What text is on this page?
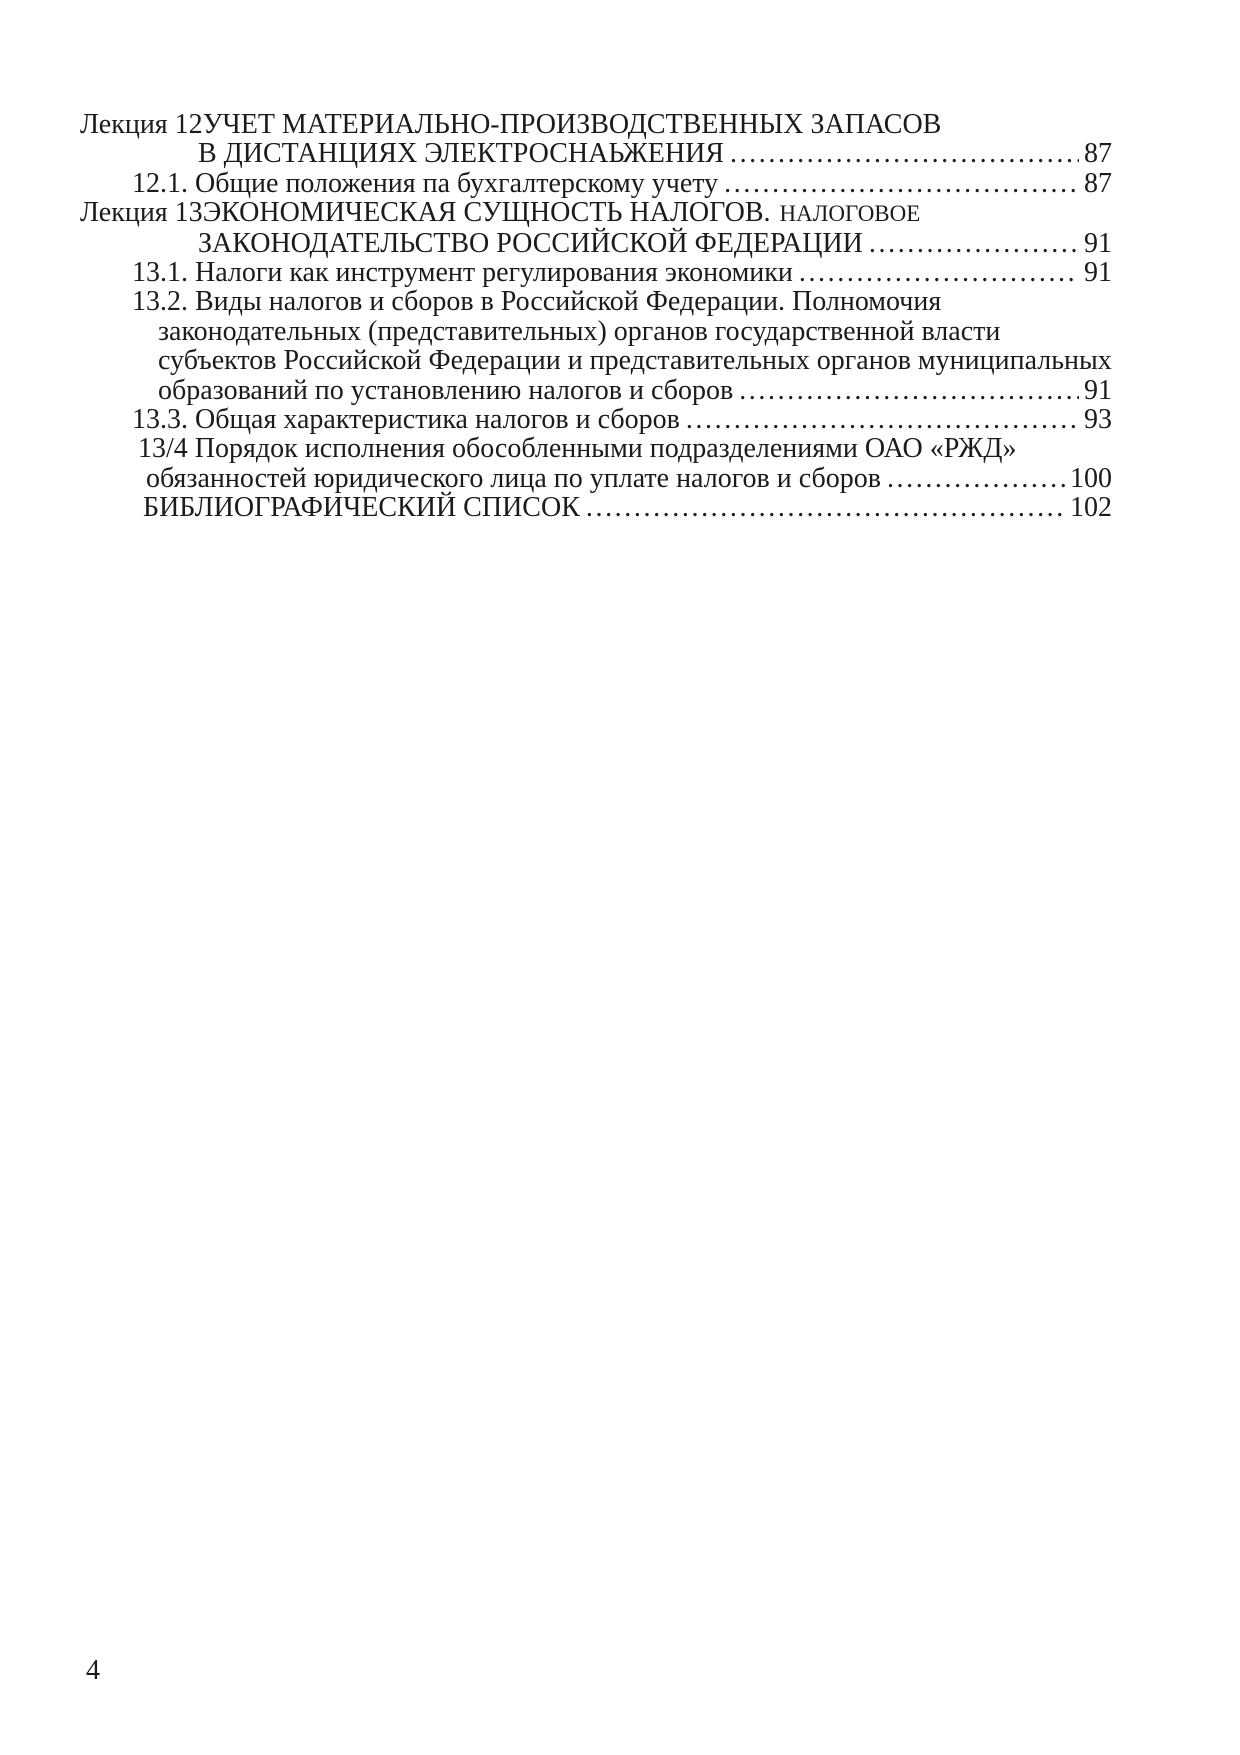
Лекция 12 УЧЕТ МАТЕРИАЛЬНО-ПРОИЗВОДСТВЕННЫХ ЗАПАСОВ
В ДИСТАНЦИЯХ ЭЛЕКТРОСНАЬЖЕНИЯ .....	87
12.1. Общие положения па бухгалтерскому учету .....	87
Лекция 13 ЭКОНОМИЧЕСКАЯ СУЩНОСТЬ НАЛОГОВ. НАЛОГОВОЕ
ЗАКОНОДАТЕЛЬСТВО РОССИЙСКОЙ ФЕДЕРАЦИИ .....	91
13.1. Налоги как инструмент регулирования экономики .....	91
13.2. Виды налогов и сборов в Российской Федерации. Полномочия
законодательных (представительных) органов государственной власти
субъектов Российской Федерации и представительных органов муниципальных
образований по установлению налогов и сборов .....	91
13.3. Общая характеристика налогов и сборов .....	93
13/4 Порядок исполнения обособленными подразделениями ОАО «РЖД»
обязанностей юридического лица по уплате налогов и сборов .....	100
БИБЛИОГРАФИЧЕСКИЙ СПИСОК .....	102
4
